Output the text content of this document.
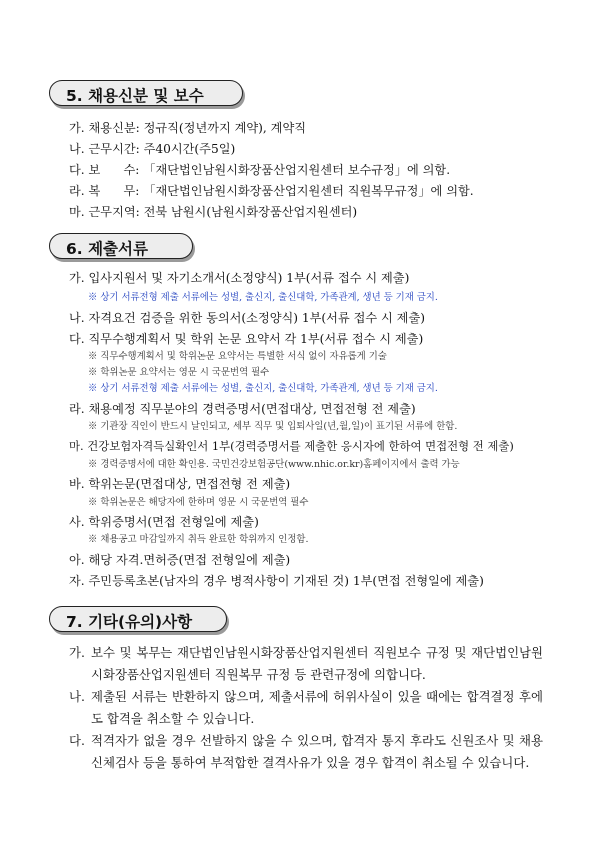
5. 채용신분 및 보수
가. 채용신분: 정규직(정년까지 계약), 계약직
나. 근무시간: 주40시간(주5일)
다. 보      수: 「재단법인남원시화장품산업지원센터 보수규정」에 의함.
라. 복      무: 「재단법인남원시화장품산업지원센터 직원복무규정」에 의함.
마. 근무지역: 전북 남원시(남원시화장품산업지원센터)
6. 제출서류
가. 입사지원서 및 자기소개서(소정양식) 1부(서류 접수 시 제출)
※ 상기 서류전형 제출 서류에는 성별, 출신지, 출신대학, 가족관계, 생년 등 기재 금지.
나. 자격요건 검증을 위한 동의서(소정양식) 1부(서류 접수 시 제출)
다. 직무수행계획서 및 학위 논문 요약서 각 1부(서류 접수 시 제출)
※ 직무수행계획서 및 학위논문 요약서는 특별한 서식 없이 자유롭게 기술
※ 학위논문 요약서는 영문 시 국문번역 필수
※ 상기 서류전형 제출 서류에는 성별, 출신지, 출신대학, 가족관계, 생년 등 기재 금지.
라. 채용예정 직무분야의 경력증명서(면접대상, 면접전형 전 제출)
※ 기관장 직인이 반드시 날인되고, 세부 직무 및 입퇴사일(년,월,일)이 표기된 서류에 한함.
마. 건강보험자격득실확인서 1부(경력증명서를 제출한 응시자에 한하여 면접전형 전 제출)
※ 경력증명서에 대한 확인용. 국민건강보험공단(www.nhic.or.kr)홈페이지에서 출력 가능
바. 학위논문(면접대상, 면접전형 전 제출)
※ 학위논문은 해당자에 한하며 영문 시 국문번역 필수
사. 학위증명서(면접 전형일에 제출)
※ 채용공고 마감일까지 취득 완료한 학위까지 인정함.
아. 해당 자격.면허증(면접 전형일에 제출)
자. 주민등록초본(남자의 경우 병적사항이 기재된 것) 1부(면접 전형일에 제출)
7. 기타(유의)사항
가. 보수 및 복무는 재단법인남원시화장품산업지원센터 직원보수 규정 및 재단법인남원시화장품산업지원센터 직원복무 규정 등 관련규정에 의합니다.
나. 제출된 서류는 반환하지 않으며, 제출서류에 허위사실이 있을 때에는 합격결정 후에도 합격을 취소할 수 있습니다.
다. 적격자가 없을 경우 선발하지 않을 수 있으며, 합격자 통지 후라도 신원조사 및 채용신체검사 등을 통하여 부적합한 결격사유가 있을 경우 합격이 취소될 수 있습니다.
